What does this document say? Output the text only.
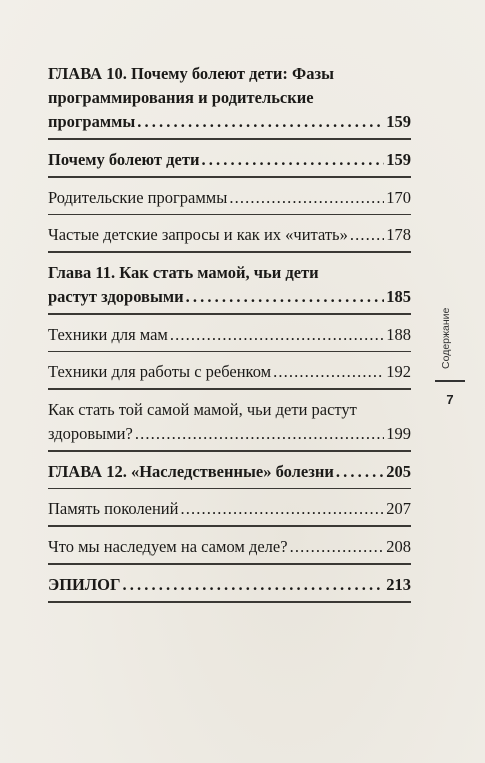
ГЛАВА 10. Почему болеют дети: Фазы
программирования и родительские
программы . . .	159
Почему болеют дети . . .	159
Родительские программы . . .	170
Частые детские запросы и как их «читать» . . . 178
Глава 11. Как стать мамой, чьи дети
растут здоровыми . . .	185
Техники для мам . . .	188
Техники для работы с ребенком . . .	192
Как стать той самой мамой, чьи дети растут
здоровыми? . . .	199
ГЛАВА 12. «Наследственные» болезни . . .	205
Память поколений . . .	207
Что мы наследуем на самом деле? . . .	208
ЭПИЛОГ . . .	213
Содержание
7
